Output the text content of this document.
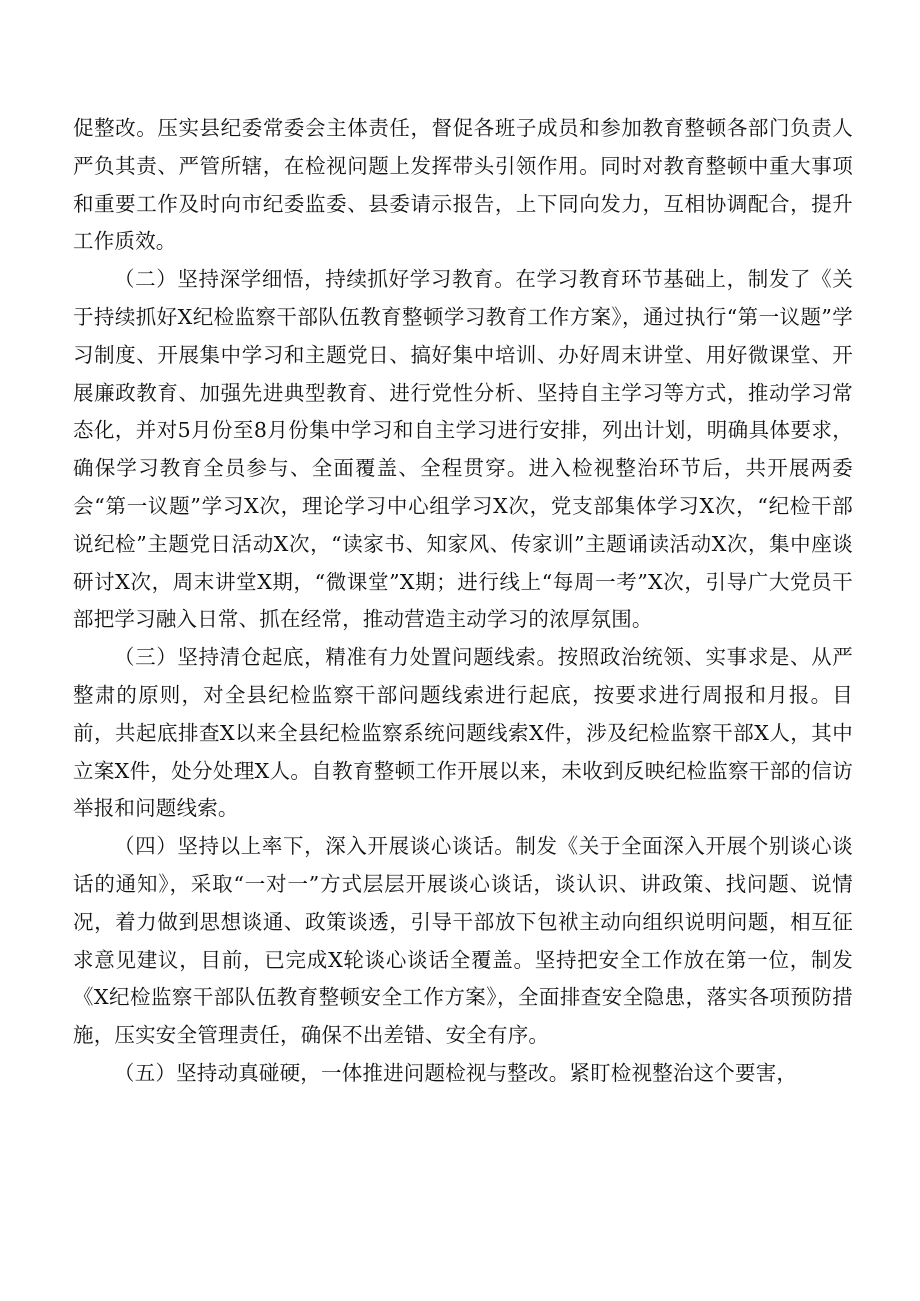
促整改。压实县纪委常委会主体责任，督促各班子成员和参加教育整顿各部门负责人严负其责、严管所辖，在检视问题上发挥带头引领作用。同时对教育整顿中重大事项和重要工作及时向市纪委监委、县委请示报告，上下同向发力，互相协调配合，提升工作质效。

（二）坚持深学细悟，持续抓好学习教育。在学习教育环节基础上，制发了《关于持续抓好X纪检监察干部队伍教育整顿学习教育工作方案》，通过执行“第一议题”学习制度、开展集中学习和主题党日、搞好集中培训、办好周末讲堂、用好微课堂、开展廉政教育、加强先进典型教育、进行党性分析、坚持自主学习等方式，推动学习常态化，并对5月份至8月份集中学习和自主学习进行安排，列出计划，明确具体要求，确保学习教育全员参与、全面覆盖、全程贯穿。进入检视整治环节后，共开展两委会“第一议题”学习X次，理论学习中心组学习X次，党支部集体学习X次，“纪检干部说纪检”主题党日活动X次，“读家书、知家风、传家训”主题诵读活动X次，集中座谈研讨X次，周末讲堂X期，“微课堂”X期；进行线上“每周一考”X次，引导广大党员干部把学习融入日常、抓在经常，推动营造主动学习的浓厚氛围。

（三）坚持清仓起底，精准有力处置问题线索。按照政治统领、实事求是、从严整肃的原则，对全县纪检监察干部问题线索进行起底，按要求进行周报和月报。目前，共起底排查X以来全县纪检监察系统问题线索X件，涉及纪检监察干部X人，其中立案X件，处分处理X人。自教育整顿工作开展以来，未收到反映纪检监察干部的信访举报和问题线索。

（四）坚持以上率下，深入开展谈心谈话。制发《关于全面深入开展个别谈心谈话的通知》，采取“一对一”方式层层开展谈心谈话，谈认识、讲政策、找问题、说情况，着力做到思想谈通、政策谈透，引导干部放下包袱主动向组织说明问题，相互征求意见建议，目前，已完成X轮谈心谈话全覆盖。坚持把安全工作放在第一位，制发《X纪检监察干部队伍教育整顿安全工作方案》，全面排查安全隐患，落实各项预防措施，压实安全管理责任，确保不出差错、安全有序。

（五）坚持动真碰硬，一体推进问题检视与整改。紧盯检视整治这个要害，
